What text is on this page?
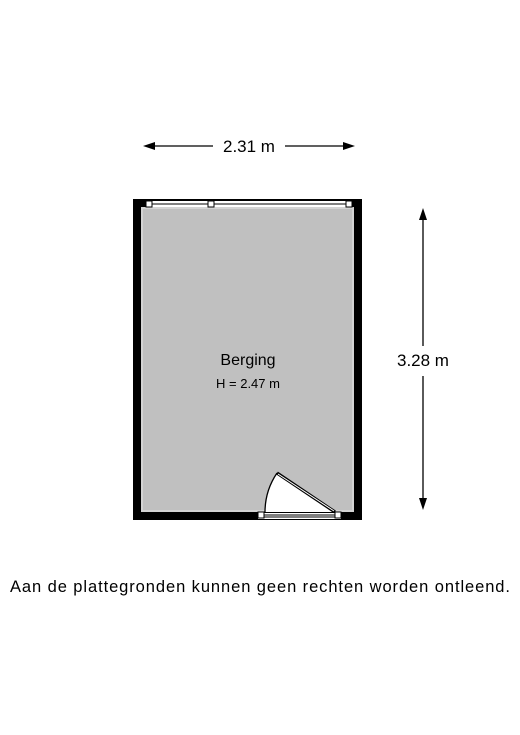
2.31 m
Berging
H = 2.47 m
3.28 m
Aan de plattegronden kunnen geen rechten worden ontleend.
